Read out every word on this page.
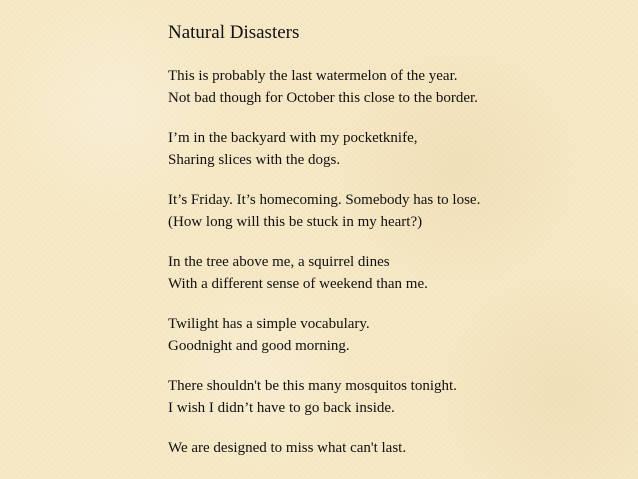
Natural Disasters
This is probably the last watermelon of the year.
Not bad though for October this close to the border.
I’m in the backyard with my pocketknife,
Sharing slices with the dogs.
It’s Friday. It’s homecoming. Somebody has to lose.
(How long will this be stuck in my heart?)
In the tree above me, a squirrel dines
With a different sense of weekend than me.
Twilight has a simple vocabulary.
Goodnight and good morning.
There shouldn't be this many mosquitos tonight.
I wish I didn’t have to go back inside.
We are designed to miss what can't last.
